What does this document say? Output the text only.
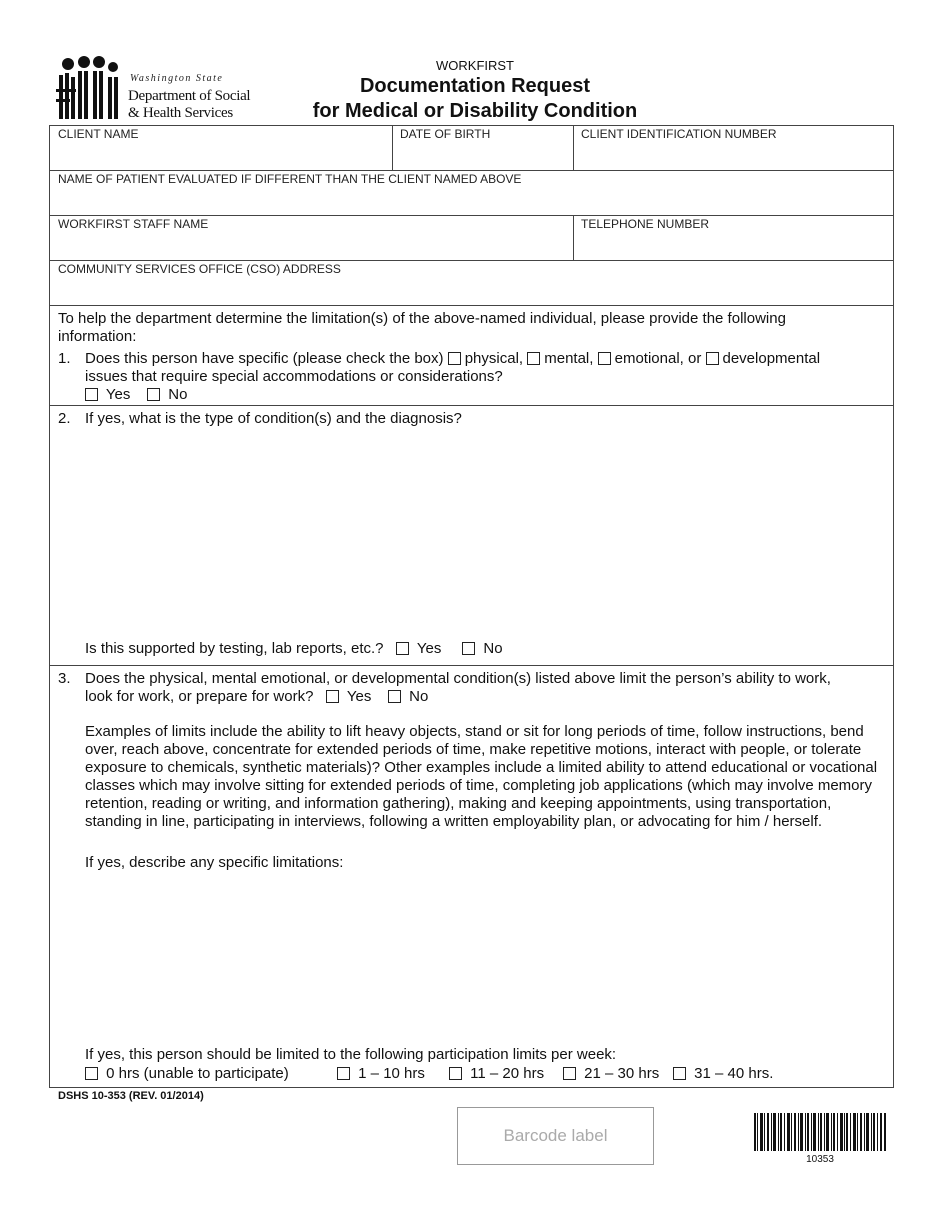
Washington State
Department of Social
& Health Services
WORKFIRST
Documentation Request
for Medical or Disability Condition
CLIENT NAME	DATE OF BIRTH	CLIENT IDENTIFICATION NUMBER
NAME OF PATIENT EVALUATED IF DIFFERENT THAN THE CLIENT NAMED ABOVE
WORKFIRST STAFF NAME	TELEPHONE NUMBER
COMMUNITY SERVICES OFFICE (CSO) ADDRESS
To help the department determine the limitation(s) of the above-named individual, please provide the following information:
1. Does this person have specific (please check the box) physical, mental, emotional, or developmental
issues that require special accommodations or considerations?
Yes	No
2. If yes, what is the type of condition(s) and the diagnosis?
Is this supported by testing, lab reports, etc.? Yes	No
3. Does the physical, mental emotional, or developmental condition(s) listed above limit the person’s ability to work,
look for work, or prepare for work? Yes	No
Examples of limits include the ability to lift heavy objects, stand or sit for long periods of time, follow instructions, bend over, reach above, concentrate for extended periods of time, make repetitive motions, interact with people, or tolerate exposure to chemicals, synthetic materials)? Other examples include a limited ability to attend educational or vocational classes which may involve sitting for extended periods of time, completing job applications (which may involve memory retention, reading or writing, and information gathering), making and keeping appointments, using transportation, standing in line, participating in interviews, following a written employability plan, or advocating for him / herself.
If yes, describe any specific limitations:
If yes, this person should be limited to the following participation limits per week:
0 hrs (unable to participate)	1 – 10 hrs	11 – 20 hrs	21 – 30 hrs 31 – 40 hrs.
DSHS 10-353 (REV. 01/2014)
Barcode label
10353
